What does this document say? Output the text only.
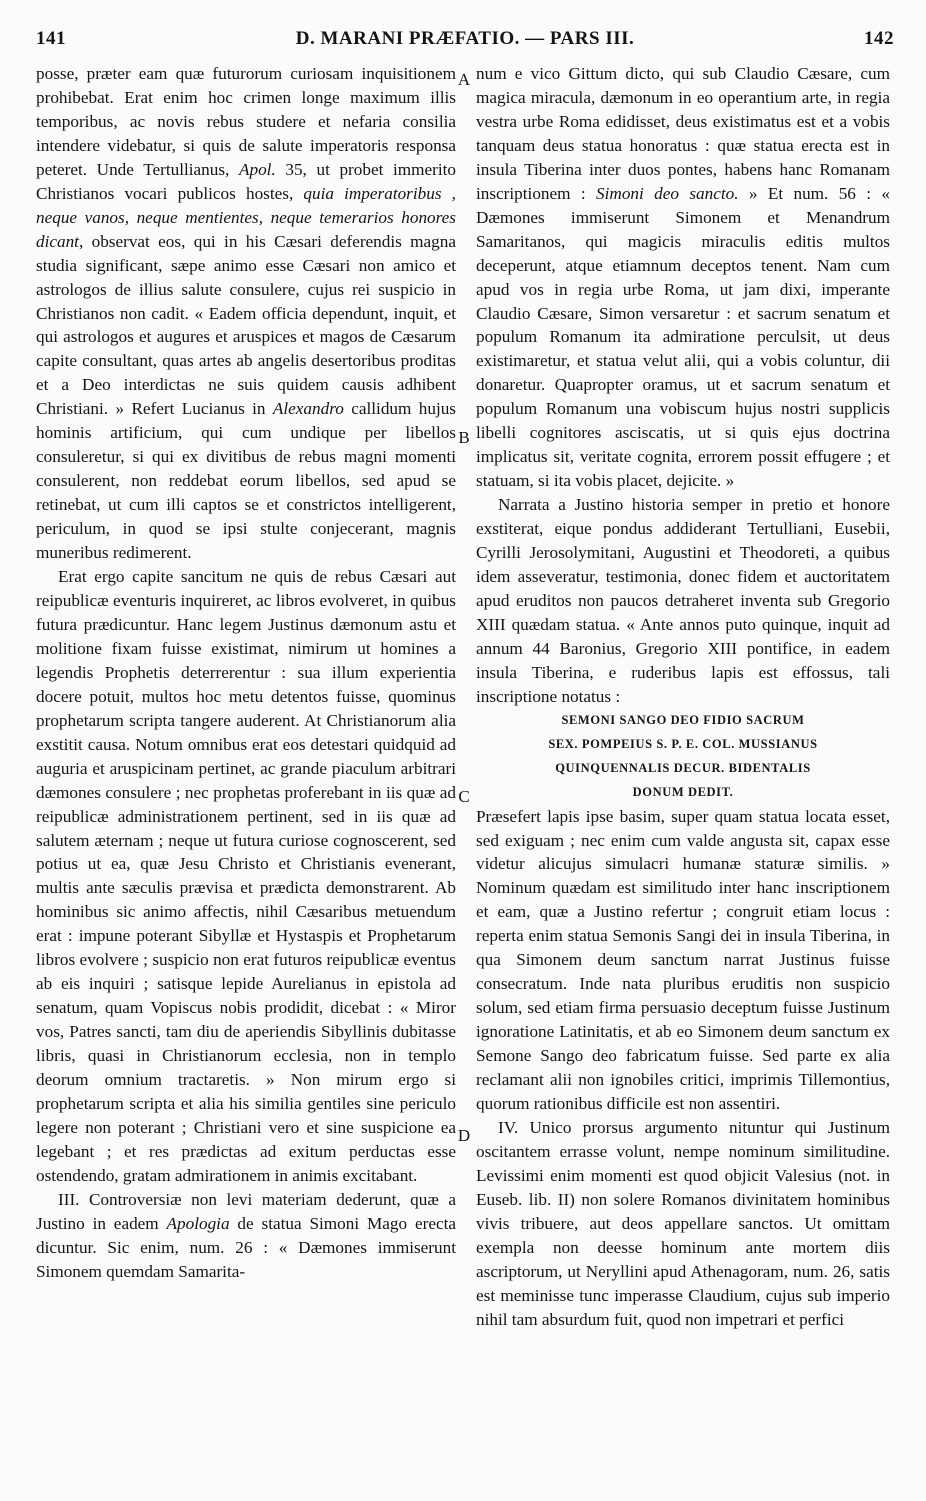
141	D. MARANI PRÆFATIO. — PARS III.	142

posse, præter eam quæ futurorum curiosam inquisitionem prohibebat. Erat enim hoc crimen longe maximum illis temporibus, ac novis rebus studere et nefaria consilia intendere videbatur, si quis de salute imperatoris responsa peteret. Unde Tertullianus, Apol. 35, ut probet immerito Christianos vocari publicos hostes, quia imperatoribus , neque vanos, neque mentientes, neque temerarios honores dicant, observat eos, qui in his Cæsari deferendis magna studia significant, sæpe animo esse Cæsari non amico et astrologos de illius salute consulere, cujus rei suspicio in Christianos non cadit. « Eadem officia dependunt, inquit, et qui astrologos et augures et aruspices et magos de Cæsarum capite consultant, quas artes ab angelis desertoribus proditas et a Deo interdictas ne suis quidem causis adhibent Christiani. » Refert Lucianus in Alexandro callidum hujus hominis artificium, qui cum undique per libellos consuleretur, si qui ex divitibus de rebus magni momenti consulerent, non reddebat eorum libellos, sed apud se retinebat, ut cum illi captos se et constrictos intelligerent, periculum, in quod se ipsi stulte conjecerant, magnis muneribus redimerent.

Erat ergo capite sancitum ne quis de rebus Cæsari aut reipublicæ eventuris inquireret, ac libros evolveret, in quibus futura prædicuntur. Hanc legem Justinus dæmonum astu et molitione fixam fuisse existimat, nimirum ut homines a legendis Prophetis deterrerentur : sua illum experientia docere potuit, multos hoc metu detentos fuisse, quominus prophetarum scripta tangere auderent. At Christianorum alia exstitit causa. Notum omnibus erat eos detestari quidquid ad auguria et aruspicinam pertinet, ac grande piaculum arbitrari dæmones consulere ; nec prophetas proferebant in iis quæ ad reipublicæ administrationem pertinent, sed in iis quæ ad salutem æternam ; neque ut futura curiose cognoscerent, sed potius ut ea, quæ Jesu Christo et Christianis evenerant, multis ante sæculis prævisa et prædicta demonstrarent. Ab hominibus sic animo affectis, nihil Cæsaribus metuendum erat : impune poterant Sibyllæ et Hystaspis et Prophetarum libros evolvere ; suspicio non erat futuros reipublicæ eventus ab eis inquiri ; satisque lepide Aurelianus in epistola ad senatum, quam Vopiscus nobis prodidit, dicebat : « Miror vos, Patres sancti, tam diu de aperiendis Sibyllinis dubitasse libris, quasi in Christianorum ecclesia, non in templo deorum omnium tractaretis. » Non mirum ergo si prophetarum scripta et alia his similia gentiles sine periculo legere non poterant ; Christiani vero et sine suspicione ea legebant ; et res prædictas ad exitum perductas esse ostendendo, gratam admirationem in animis excitabant.

III. Controversiæ non levi materiam dederunt, quæ a Justino in eadem Apologia de statua Simoni Mago erecta dicuntur. Sic enim, num. 26 : « Dæmones immiserunt Simonem quemdam Samarita-

A
B
C
D

num e vico Gittum dicto, qui sub Claudio Cæsare, cum magica miracula, dæmonum in eo operantium arte, in regia vestra urbe Roma edidisset, deus existimatus est et a vobis tanquam deus statua honoratus : quæ statua erecta est in insula Tiberina inter duos pontes, habens hanc Romanam inscriptionem : Simoni deo sancto. » Et num. 56 : « Dæmones immiserunt Simonem et Menandrum Samaritanos, qui magicis miraculis editis multos deceperunt, atque etiamnum deceptos tenent. Nam cum apud vos in regia urbe Roma, ut jam dixi, imperante Claudio Cæsare, Simon versaretur : et sacrum senatum et populum Romanum ita admiratione perculsit, ut deus existimaretur, et statua velut alii, qui a vobis coluntur, dii donaretur. Quapropter oramus, ut et sacrum senatum et populum Romanum una vobiscum hujus nostri supplicis libelli cognitores asciscatis, ut si quis ejus doctrina implicatus sit, veritate cognita, errorem possit effugere ; et statuam, si ita vobis placet, dejicite. »

Narrata a Justino historia semper in pretio et honore exstiterat, eique pondus addiderant Tertulliani, Eusebii, Cyrilli Jerosolymitani, Augustini et Theodoreti, a quibus idem asseveratur, testimonia, donec fidem et auctoritatem apud eruditos non paucos detraheret inventa sub Gregorio XIII quædam statua. « Ante annos puto quinque, inquit ad annum 44 Baronius, Gregorio XIII pontifice, in eadem insula Tiberina, e ruderibus lapis est effossus, tali inscriptione notatus :

SEMONI SANGO DEO FIDIO SACRUM

SEX. POMPEIUS S. P. E. COL. MUSSIANUS

QUINQUENNALIS DECUR. BIDENTALIS

DONUM DEDIT.

Præsefert lapis ipse basim, super quam statua locata esset, sed exiguam ; nec enim cum valde angusta sit, capax esse videtur alicujus simulacri humanæ staturæ similis. » Nominum quædam est similitudo inter hanc inscriptionem et eam, quæ a Justino refertur ; congruit etiam locus : reperta enim statua Semonis Sangi dei in insula Tiberina, in qua Simonem deum sanctum narrat Justinus fuisse consecratum. Inde nata pluribus eruditis non suspicio solum, sed etiam firma persuasio deceptum fuisse Justinum ignoratione Latinitatis, et ab eo Simonem deum sanctum ex Semone Sango deo fabricatum fuisse. Sed parte ex alia reclamant alii non ignobiles critici, imprimis Tillemontius, quorum rationibus difficile est non assentiri.

IV. Unico prorsus argumento nituntur qui Justinum oscitantem errasse volunt, nempe nominum similitudine. Levissimi enim momenti est quod objicit Valesius (not. in Euseb. lib. II) non solere Romanos divinitatem hominibus vivis tribuere, aut deos appellare sanctos. Ut omittam exempla non deesse hominum ante mortem diis ascriptorum, ut Neryllini apud Athenagoram, num. 26, satis est meminisse tunc imperasse Claudium, cujus sub imperio nihil tam absurdum fuit, quod non impetrari et perfici
